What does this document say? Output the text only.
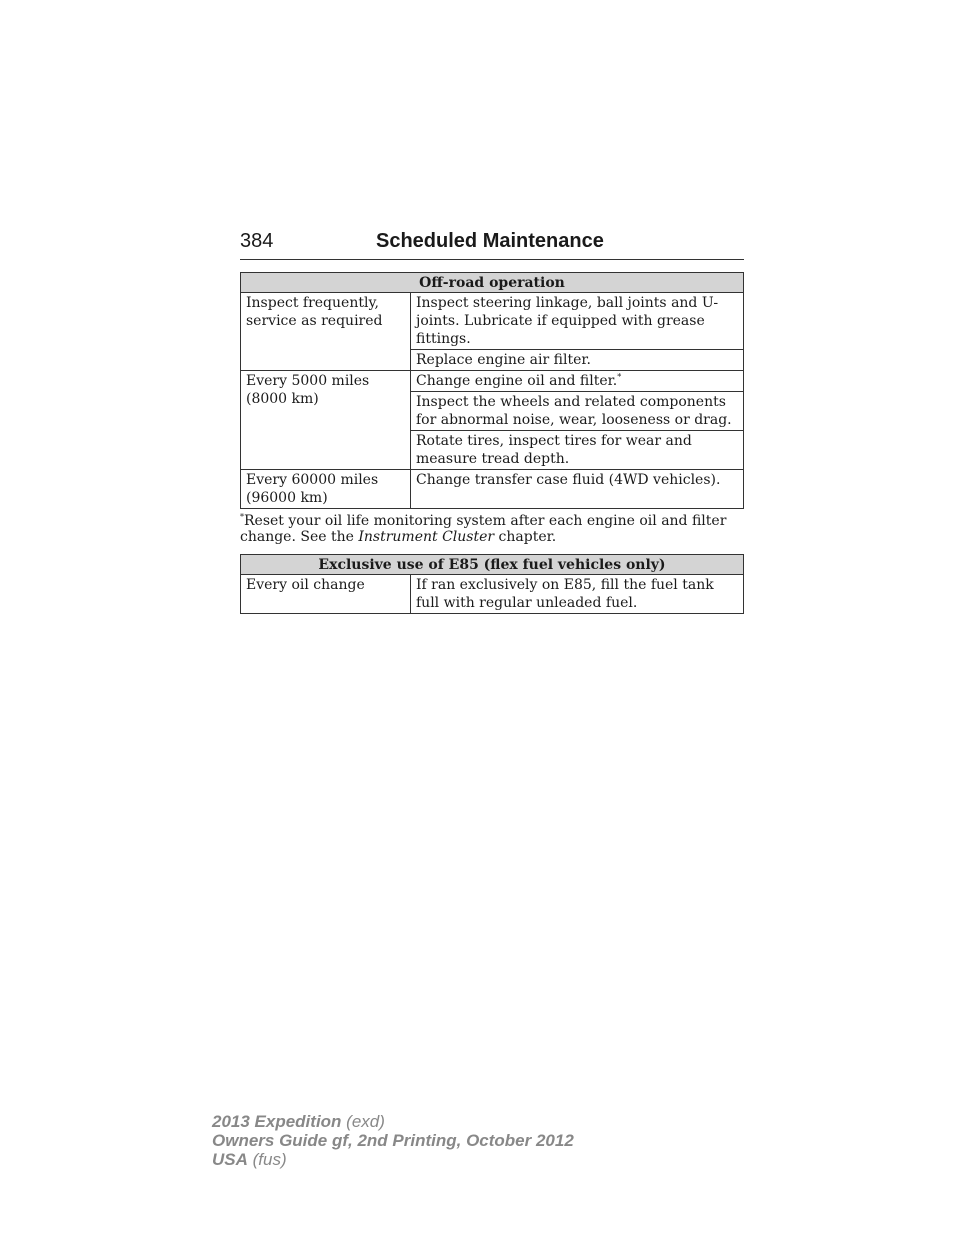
384	Scheduled Maintenance
Off-road operation	
Inspect frequently, service as required	Inspect steering linkage, ball joints and U-joints. Lubricate if equipped with grease fittings.
	Replace engine air filter.
Every 5000 miles (8000 km)	Change engine oil and filter.*
	Inspect the wheels and related components for abnormal noise, wear, looseness or drag.
	Rotate tires, inspect tires for wear and measure tread depth.
Every 60000 miles (96000 km)	Change transfer case fluid (4WD vehicles).
*Reset your oil life monitoring system after each engine oil and filter change. See the Instrument Cluster chapter.
Exclusive use of E85 (flex fuel vehicles only)
Every oil change	If ran exclusively on E85, fill the fuel tank full with regular unleaded fuel.
2013 Expedition (exd)
Owners Guide gf, 2nd Printing, October 2012
USA (fus)
